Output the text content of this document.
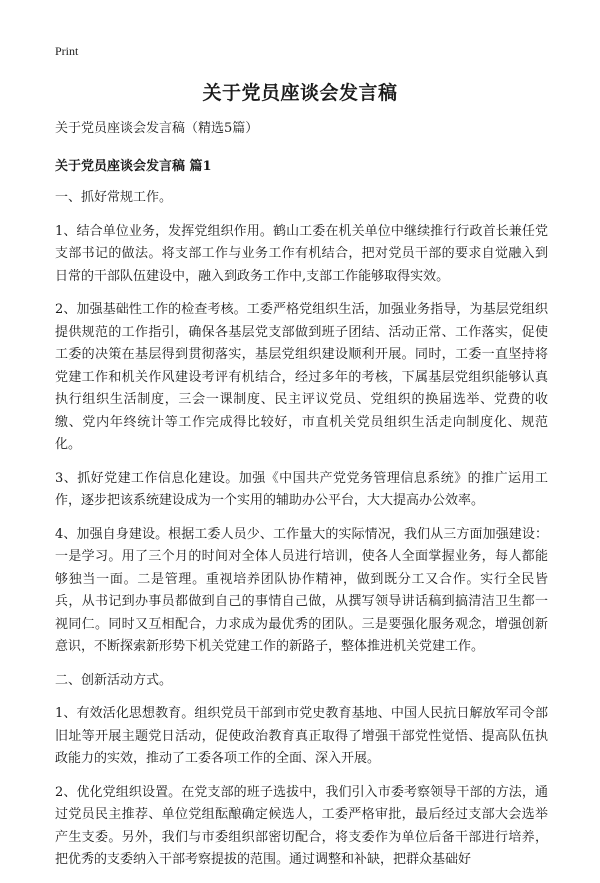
Print
关于党员座谈会发言稿

关于党员座谈会发言稿（精选5篇）

关于党员座谈会发言稿 篇1

一、抓好常规工作。

1、结合单位业务，发挥党组织作用。鹤山工委在机关单位中继续推行行政首长兼任党支部书记的做法。将支部工作与业务工作有机结合，把对党员干部的要求自觉融入到日常的干部队伍建设中，融入到政务工作中,支部工作能够取得实效。

2、加强基础性工作的检查考核。工委严格党组织生活，加强业务指导，为基层党组织提供规范的工作指引，确保各基层党支部做到班子团结、活动正常、工作落实，促使工委的决策在基层得到贯彻落实，基层党组织建设顺利开展。同时，工委一直坚持将党建工作和机关作风建设考评有机结合，经过多年的考核，下属基层党组织能够认真执行组织生活制度，三会一课制度、民主评议党员、党组织的换届选举、党费的收缴、党内年终统计等工作完成得比较好，市直机关党员组织生活走向制度化、规范化。

3、抓好党建工作信息化建设。加强《中国共产党党务管理信息系统》的推广运用工作，逐步把该系统建设成为一个实用的辅助办公平台，大大提高办公效率。

4、加强自身建设。根据工委人员少、工作量大的实际情况，我们从三方面加强建设：一是学习。用了三个月的时间对全体人员进行培训，使各人全面掌握业务，每人都能够独当一面。二是管理。重视培养团队协作精神，做到既分工又合作。实行全民皆兵，从书记到办事员都做到自己的事情自己做，从撰写领导讲话稿到搞清洁卫生都一视同仁。同时又互相配合，力求成为最优秀的团队。三是要强化服务观念，增强创新意识，不断探索新形势下机关党建工作的新路子，整体推进机关党建工作。

二、创新活动方式。

1、有效活化思想教育。组织党员干部到市党史教育基地、中国人民抗日解放军司令部旧址等开展主题党日活动，促使政治教育真正取得了增强干部党性觉悟、提高队伍执政能力的实效，推动了工委各项工作的全面、深入开展。

2、优化党组织设置。在党支部的班子选拔中，我们引入市委考察领导干部的方法，通过党员民主推荐、单位党组酝酿确定候选人，工委严格审批，最后经过支部大会选举产生支委。另外，我们与市委组织部密切配合，将支委作为单位后备干部进行培养，把优秀的支委纳入干部考察提拔的范围。通过调整和补缺，把群众基础好
